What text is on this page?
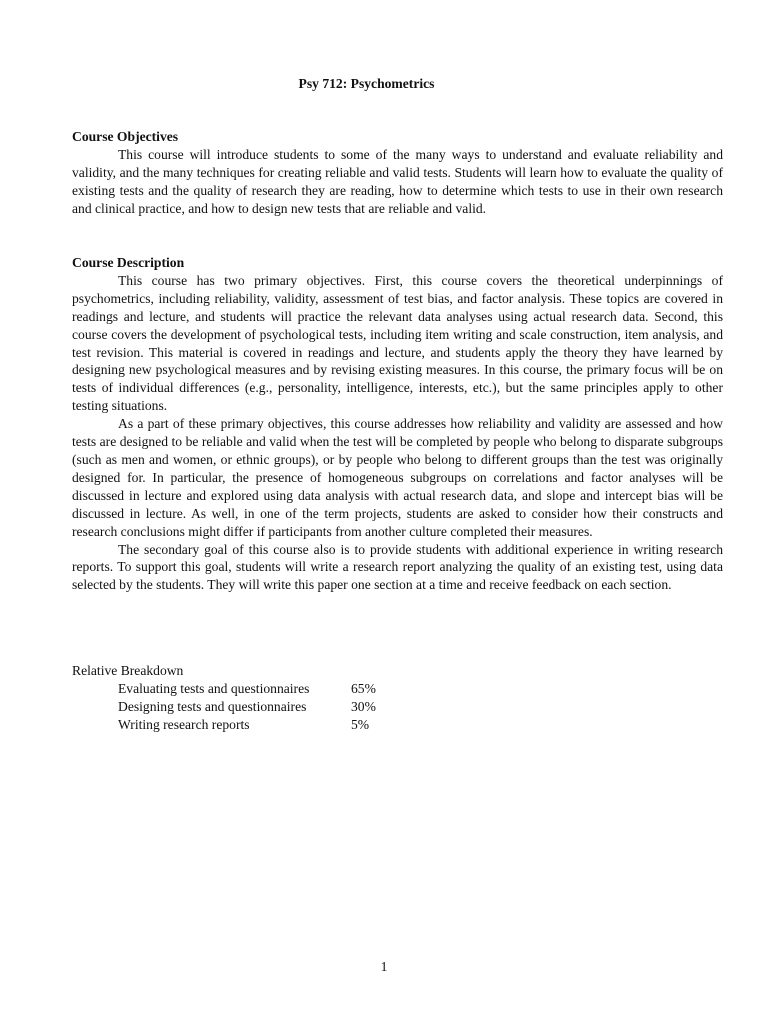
Psy 712: Psychometrics

Course Objectives

This course will introduce students to some of the many ways to understand and evaluate reliability and validity, and the many techniques for creating reliable and valid tests. Students will learn how to evaluate the quality of existing tests and the quality of research they are reading, how to determine which tests to use in their own research and clinical practice, and how to design new tests that are reliable and valid.

Course Description

This course has two primary objectives. First, this course covers the theoretical underpinnings of psychometrics, including reliability, validity, assessment of test bias, and factor analysis. These topics are covered in readings and lecture, and students will practice the relevant data analyses using actual research data. Second, this course covers the development of psychological tests, including item writing and scale construction, item analysis, and test revision. This material is covered in readings and lecture, and students apply the theory they have learned by designing new psychological measures and by revising existing measures. In this course, the primary focus will be on tests of individual differences (e.g., personality, intelligence, interests, etc.), but the same principles apply to other testing situations.

As a part of these primary objectives, this course addresses how reliability and validity are assessed and how tests are designed to be reliable and valid when the test will be completed by people who belong to disparate subgroups (such as men and women, or ethnic groups), or by people who belong to different groups than the test was originally designed for. In particular, the presence of homogeneous subgroups on correlations and factor analyses will be discussed in lecture and explored using data analysis with actual research data, and slope and intercept bias will be discussed in lecture. As well, in one of the term projects, students are asked to consider how their constructs and research conclusions might differ if participants from another culture completed their measures.

The secondary goal of this course also is to provide students with additional experience in writing research reports. To support this goal, students will write a research report analyzing the quality of an existing test, using data selected by the students. They will write this paper one section at a time and receive feedback on each section.

Relative Breakdown
Evaluating tests and questionnaires	65%
Designing tests and questionnaires	30%
Writing research reports	5%
1
